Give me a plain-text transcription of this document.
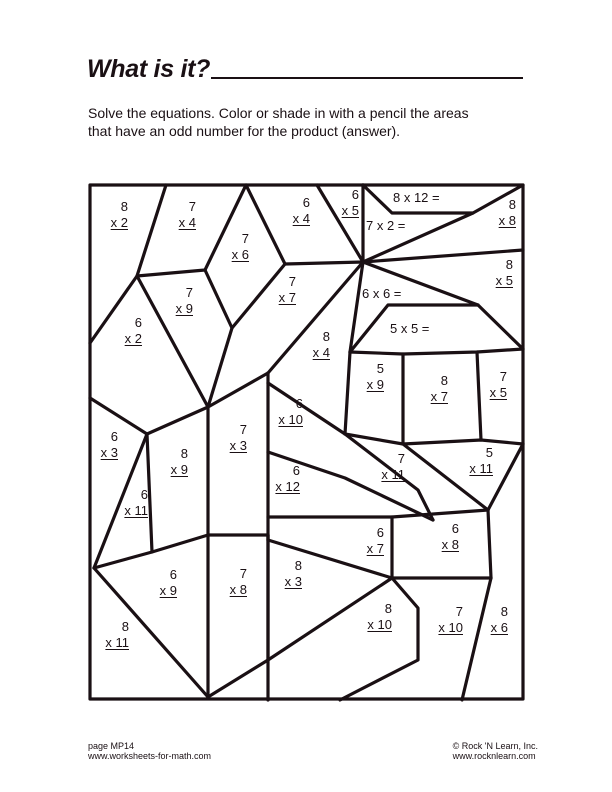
What is it?
Solve the equations. Color or shade in with a pencil the areas
that have an odd number for the product (answer).
8
x 2
7
x 4
7
x 6
6
x 4
6
x 5	8
x 8
7
x 9
7
x 7
8
x 5
6
x 2	8
x 4
5
x 9	8
x 7
7
x 5
6
x 3	8
x 9
7
x 3
6
x 10
6
x 12
7
x 11
5
x 11
6
x 11
6
x 7
6
x 8
6
x 9
7
x 8
8
x 3
8
x 11
8
x 10
7
x 10
8
x 6
8 x 12 =
7 x 2 =
6 x 6 =
5 x 5 =
page MP14
www.worksheets-for-math.com
© Rock 'N Learn, Inc.
www.rocknlearn.com
